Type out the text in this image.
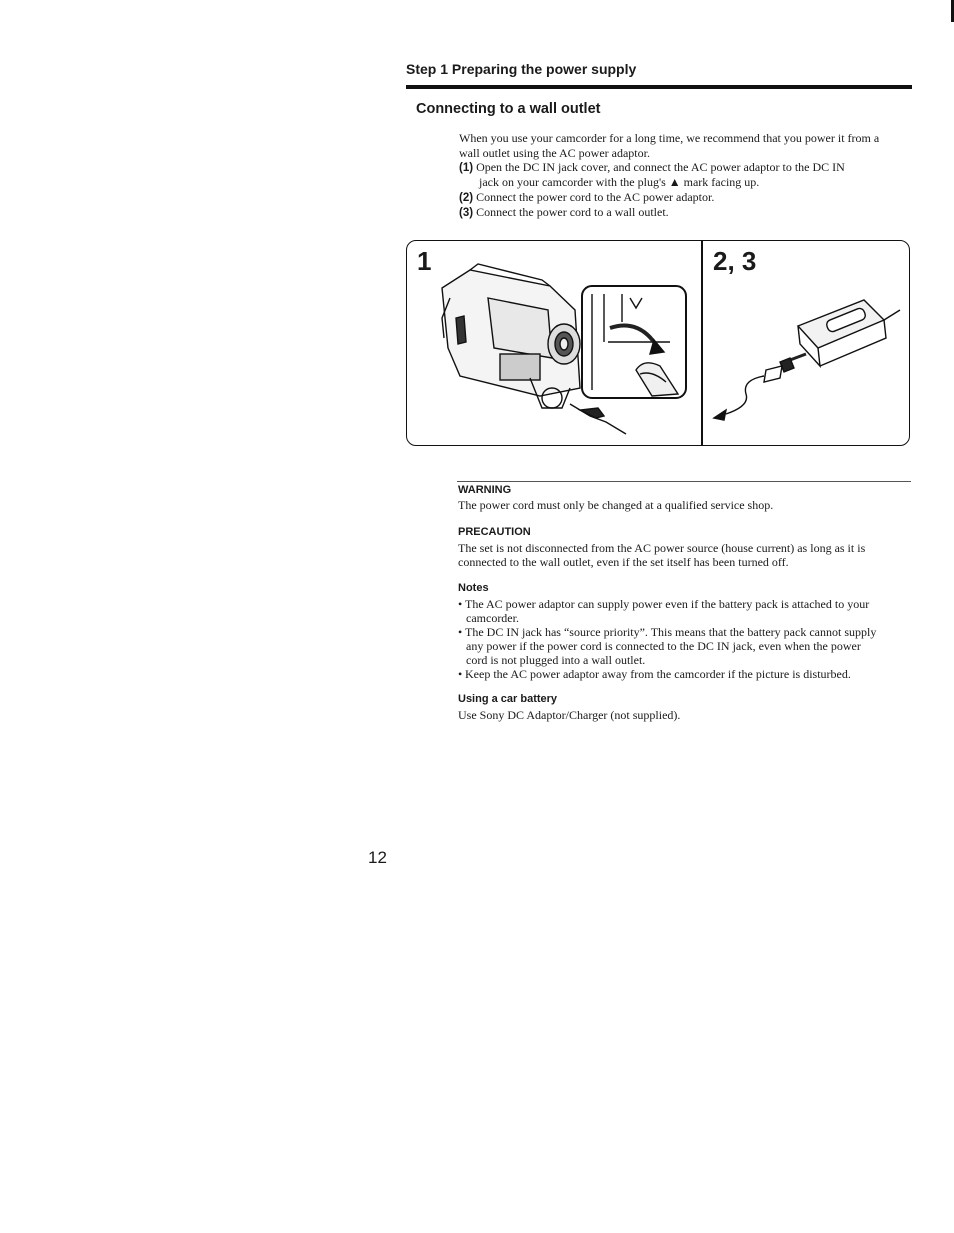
Step 1 Preparing the power supply
Connecting to a wall outlet

When you use your camcorder for a long time, we recommend that you power it from a

wall outlet using the AC power adaptor.

(1) Open the DC IN jack cover, and connect the AC power adaptor to the DC IN
jack on your camcorder with the plug's ▲ mark facing up.
(2) Connect the power cord to the AC power adaptor.
(3) Connect the power cord to a wall outlet.
1	2, 3
WARNING

The power cord must only be changed at a qualified service shop.

PRECAUTION

The set is not disconnected from the AC power source (house current) as long as it is

connected to the wall outlet, even if the set itself has been turned off.

Notes
• The AC power adaptor can supply power even if the battery pack is attached to your
camcorder.
• The DC IN jack has “source priority”. This means that the battery pack cannot supply
any power if the power cord is connected to the DC IN jack, even when the power
cord is not plugged into a wall outlet.
• Keep the AC power adaptor away from the camcorder if the picture is disturbed.
Using a car battery

Use Sony DC Adaptor/Charger (not supplied).

12
